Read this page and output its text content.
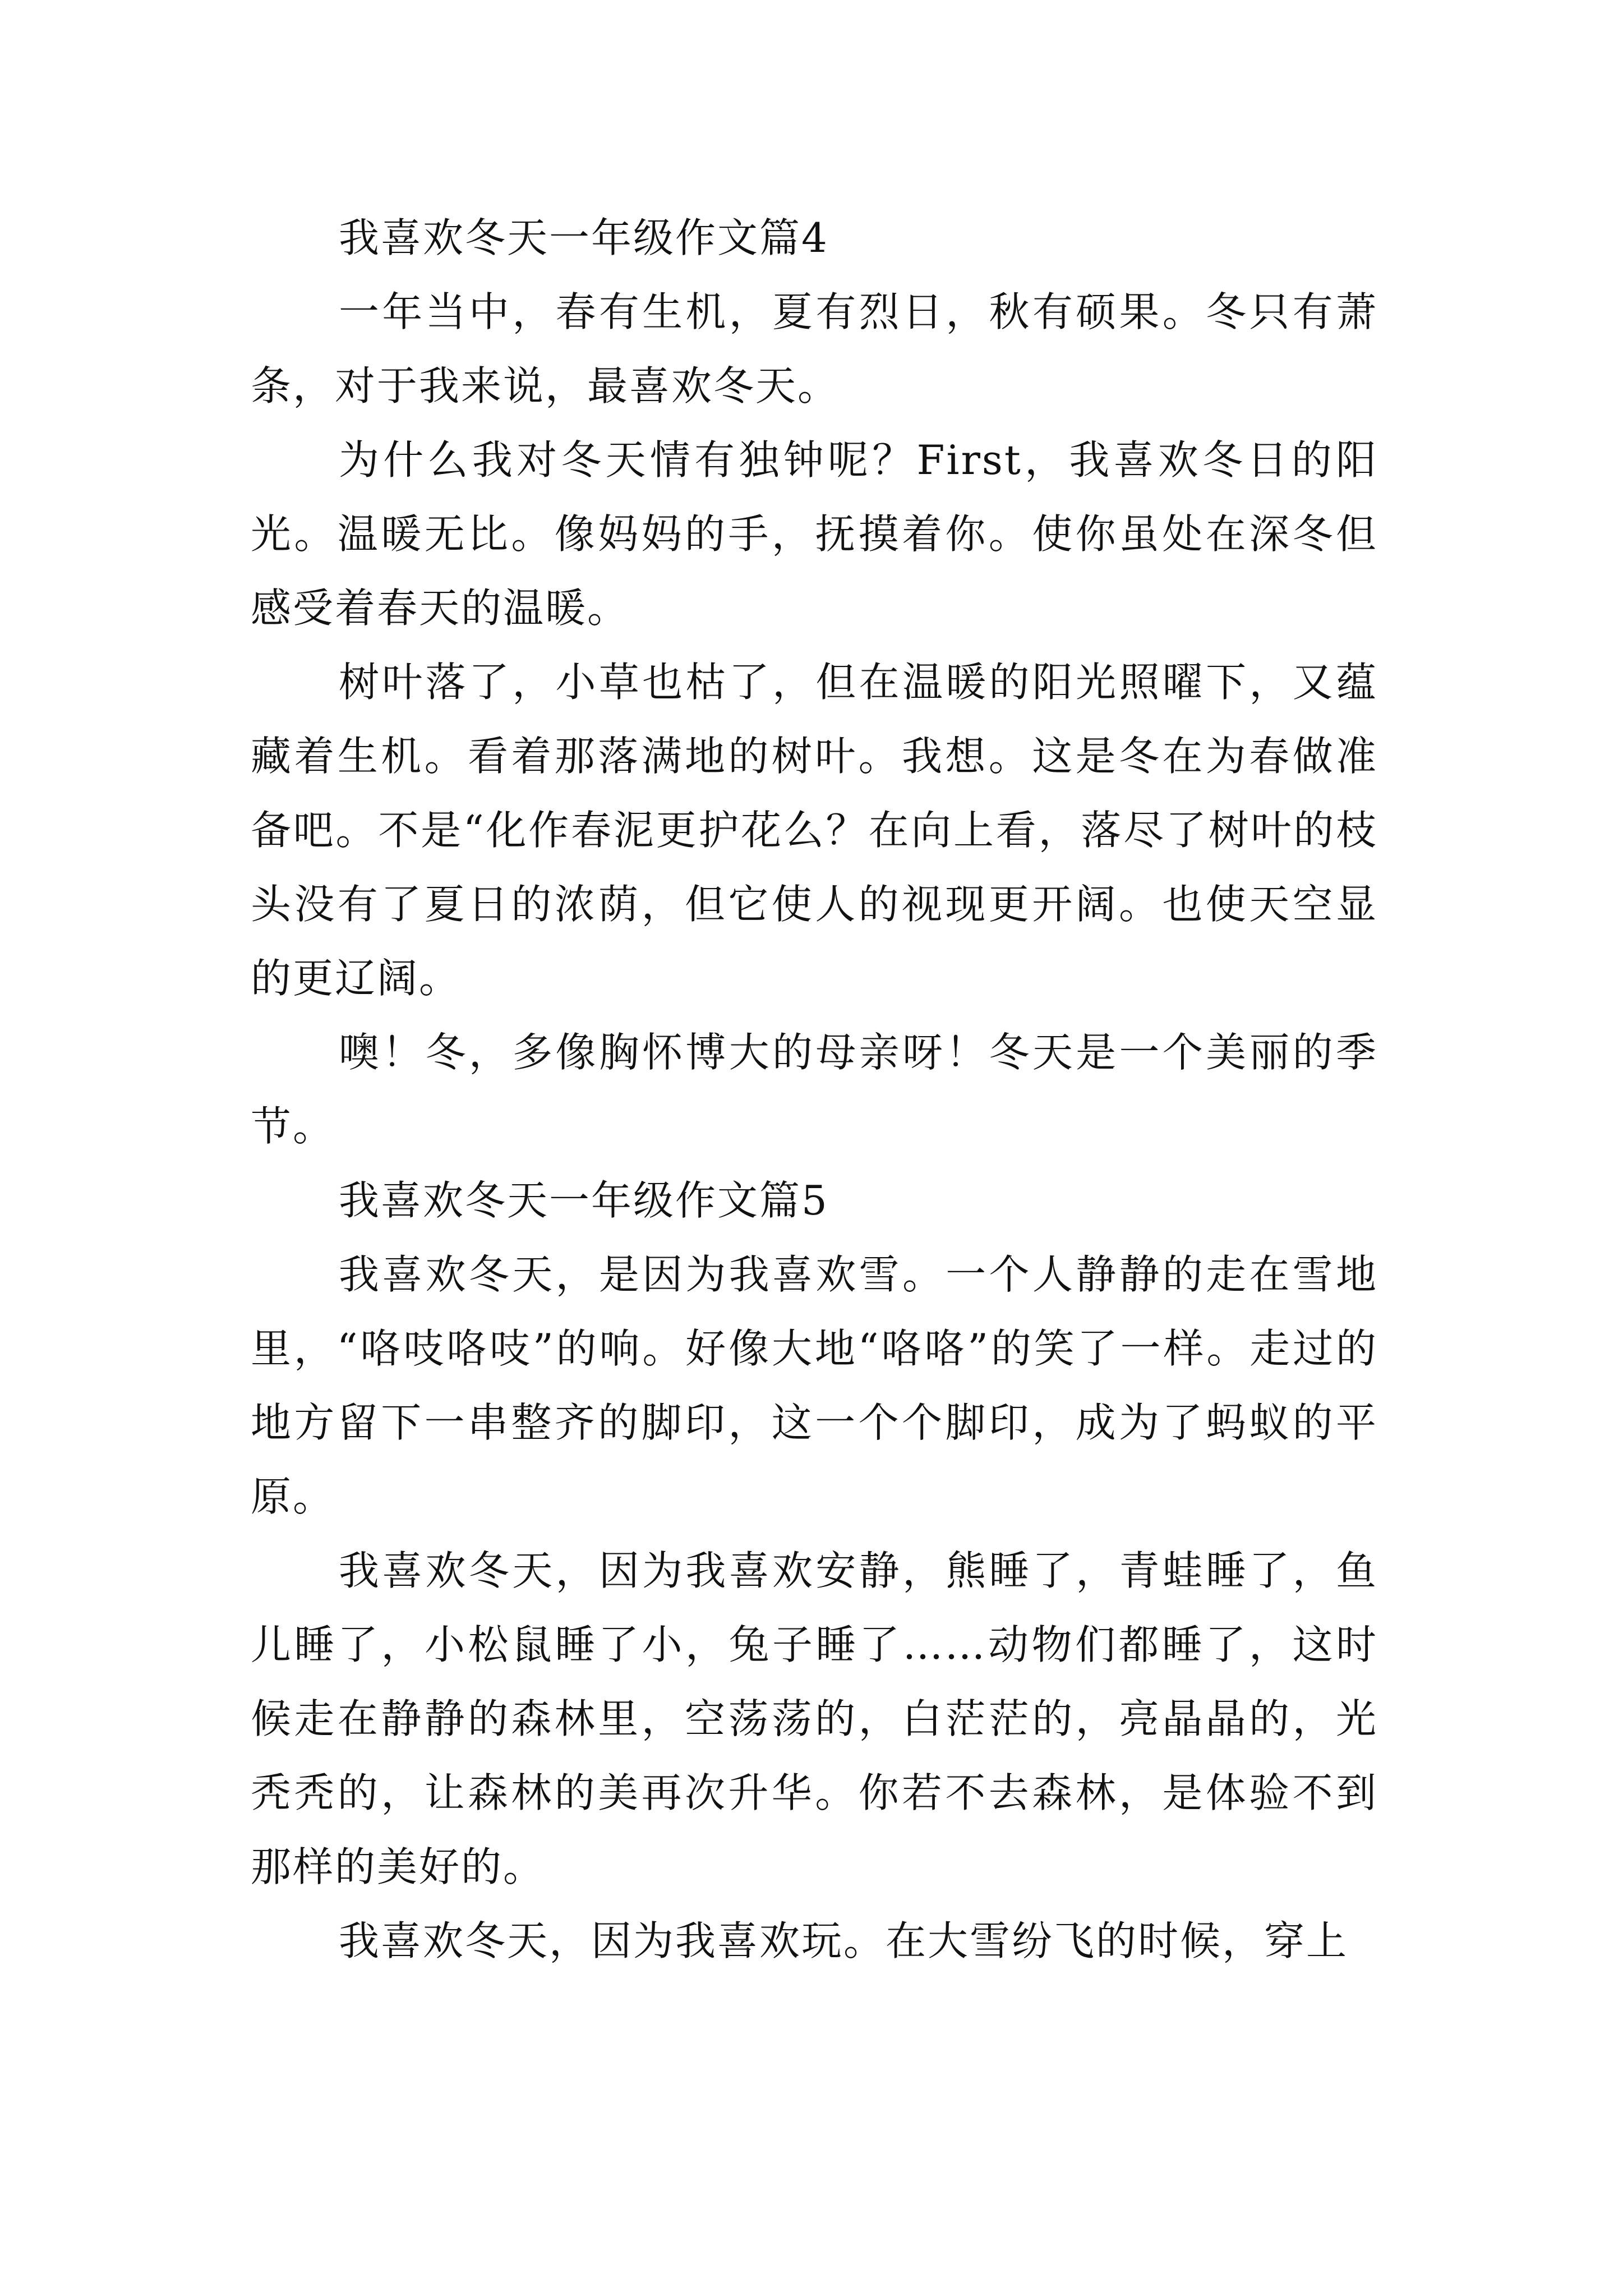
我喜欢冬天一年级作文篇4

一年当中，春有生机，夏有烈日，秋有硕果。冬只有萧条，对于我来说，最喜欢冬天。

为什么我对冬天情有独钟呢？First，我喜欢冬日的阳光。温暖无比。像妈妈的手，抚摸着你。使你虽处在深冬但感受着春天的温暖。

树叶落了，小草也枯了，但在温暖的阳光照曜下，又蕴藏着生机。看着那落满地的树叶。我想。这是冬在为春做准备吧。不是“化作春泥更护花么？在向上看，落尽了树叶的枝头没有了夏日的浓荫，但它使人的视现更开阔。也使天空显的更辽阔。

噢！冬，多像胸怀博大的母亲呀！冬天是一个美丽的季节。

我喜欢冬天一年级作文篇5

我喜欢冬天，是因为我喜欢雪。一个人静静的走在雪地里，“咯吱咯吱”的响。好像大地“咯咯”的笑了一样。走过的地方留下一串整齐的脚印，这一个个脚印，成为了蚂蚁的平原。

我喜欢冬天，因为我喜欢安静，熊睡了，青蛙睡了，鱼儿睡了，小松鼠睡了小，兔子睡了……动物们都睡了，这时候走在静静的森林里，空荡荡的，白茫茫的，亮晶晶的，光秃秃的，让森林的美再次升华。你若不去森林，是体验不到那样的美好的。

我喜欢冬天，因为我喜欢玩。在大雪纷飞的时候，穿上
